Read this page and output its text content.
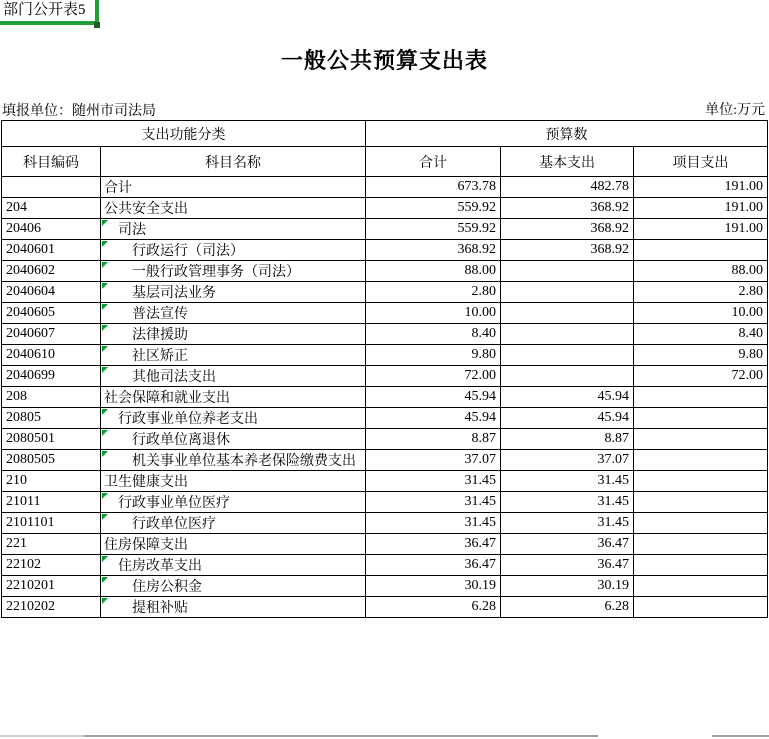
部门公开表5
一般公共预算支出表
填报单位：随州市司法局	单位:万元
支出功能分类		预算数		
科目编码	科目名称	合计	基本支出	项目支出
	合计	673.78	482.78	191.00
204	公共安全支出	559.92	368.92	191.00
20406	司法	559.92	368.92	191.00
2040601	行政运行（司法）	368.92	368.92	
2040602	一般行政管理事务（司法）	88.00		88.00
2040604	基层司法业务	2.80		2.80
2040605	普法宣传	10.00		10.00
2040607	法律援助	8.40		8.40
2040610	社区矫正	9.80		9.80
2040699	其他司法支出	72.00		72.00
208	社会保障和就业支出	45.94	45.94	
20805	行政事业单位养老支出	45.94	45.94	
2080501	行政单位离退休	8.87	8.87	
2080505	机关事业单位基本养老保险缴费支出	37.07	37.07	
210	卫生健康支出	31.45	31.45	
21011	行政事业单位医疗	31.45	31.45	
2101101	行政单位医疗	31.45	31.45	
221	住房保障支出	36.47	36.47	
22102	住房改革支出	36.47	36.47	
2210201	住房公积金	30.19	30.19	
2210202	提租补贴	6.28	6.28	
